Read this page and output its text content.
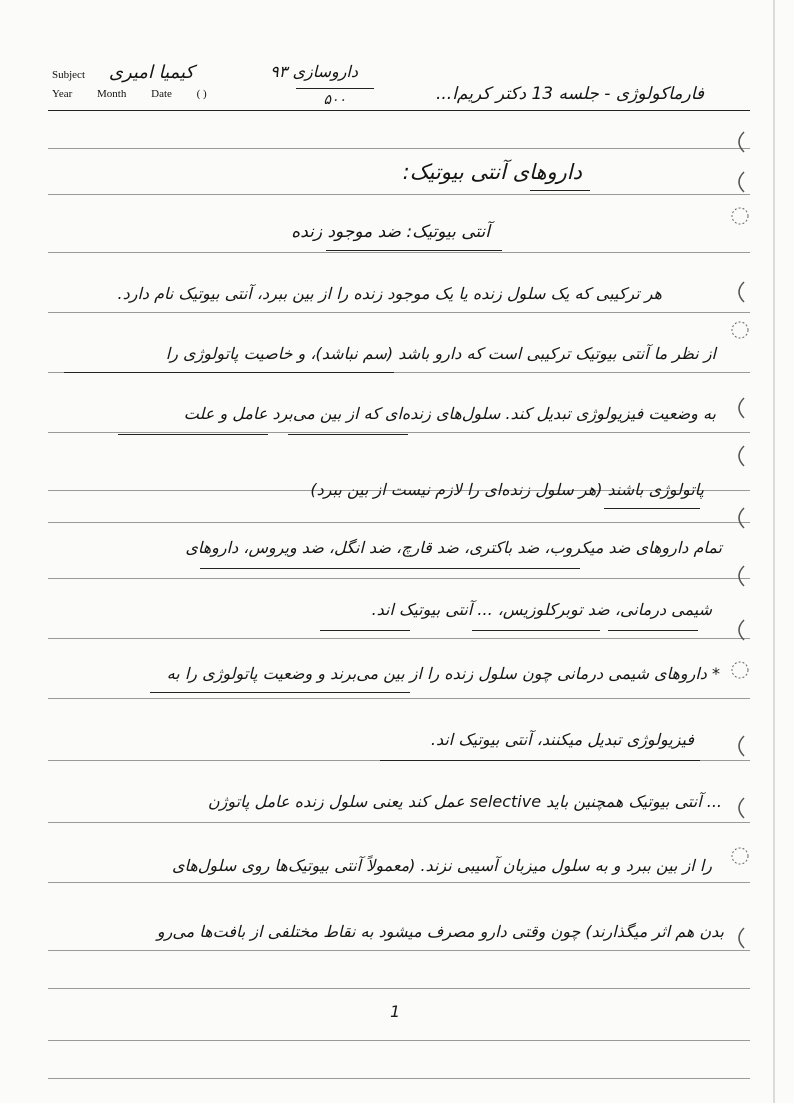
Subject
Year Month Date ( )
کیمیا امیری	داروسازی ۹۳
۵۰۰	فارماکولوژی - جلسه 13 دکتر کریم‌ا...
داروهای آنتی بیوتیک:
آنتی بیوتیک: ضد موجود زنده
هر ترکیبی که یک سلول زنده یا یک موجود زنده را از بین ببرد، آنتی بیوتیک نام دارد.
از نظر ما آنتی بیوتیک ترکیبی است که دارو باشد (سم نباشد)، و خاصیت پاتولوژی را
به وضعیت فیزیولوژی تبدیل کند. سلول‌های زنده‌ای که از بین می‌برد عامل و علت
پاتولوژی باشند (هر سلول زنده‌ای را لازم نیست از بین ببرد)
تمام داروهای ضد میکروب، ضد باکتری، ضد قارچ، ضد انگل، ضد ویروس، داروهای
شیمی درمانی، ضد توبرکلوزیس، ... آنتی بیوتیک اند.
* داروهای شیمی درمانی چون سلول زنده را از بین می‌برند و وضعیت پاتولوژی را به
فیزیولوژی تبدیل میکنند، آنتی بیوتیک اند.
... آنتی بیوتیک همچنین باید selective عمل کند یعنی سلول زنده عامل پاتوژن
را از بین ببرد و به سلول میزبان آسیبی نزند. (معمولاً آنتی بیوتیک‌ها روی سلول‌های
بدن هم اثر میگذارند) چون وقتی دارو مصرف میشود به نقاط مختلفی از بافت‌ها می‌رو
1
